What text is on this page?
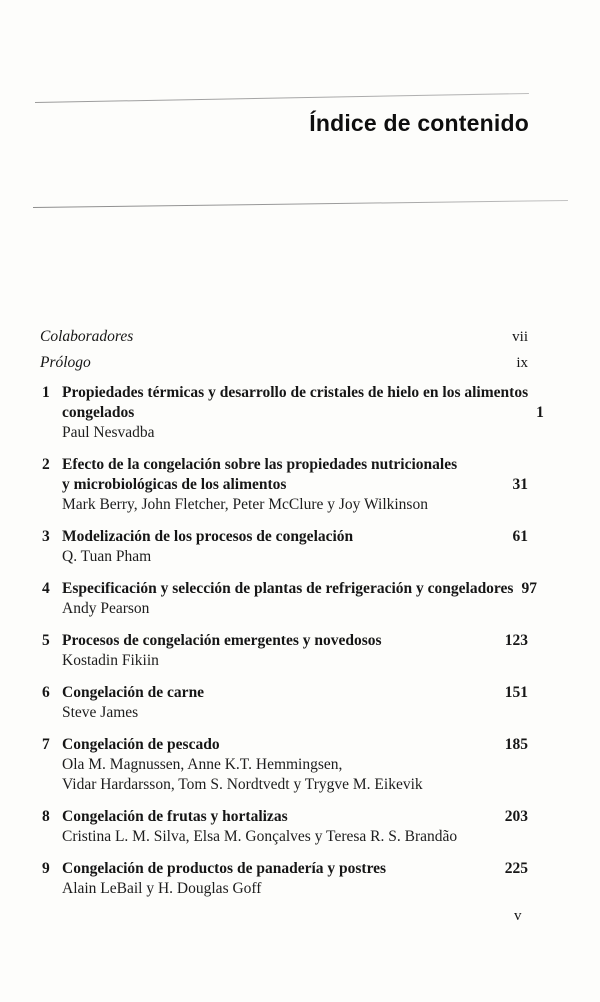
Índice de contenido
Colaboradores	vii
Prólogo	ix
1 Propiedades térmicas y desarrollo de cristales de hielo en los alimentos
congelados	1
Paul Nesvadba
2 Efecto de la congelación sobre las propiedades nutricionales
y microbiológicas de los alimentos	31
Mark Berry, John Fletcher, Peter McClure y Joy Wilkinson
3 Modelización de los procesos de congelación	61
Q. Tuan Pham
4 Especificación y selección de plantas de refrigeración y congeladores 97
Andy Pearson
5 Procesos de congelación emergentes y novedosos	123
Kostadin Fikiin
6 Congelación de carne	151
Steve James
7 Congelación de pescado	185
Ola M. Magnussen, Anne K.T. Hemmingsen,
Vidar Hardarsson, Tom S. Nordtvedt y Trygve M. Eikevik
8 Congelación de frutas y hortalizas	203
Cristina L. M. Silva, Elsa M. Gonçalves y Teresa R. S. Brandão
9 Congelación de productos de panadería y postres	225
Alain LeBail y H. Douglas Goff
v
